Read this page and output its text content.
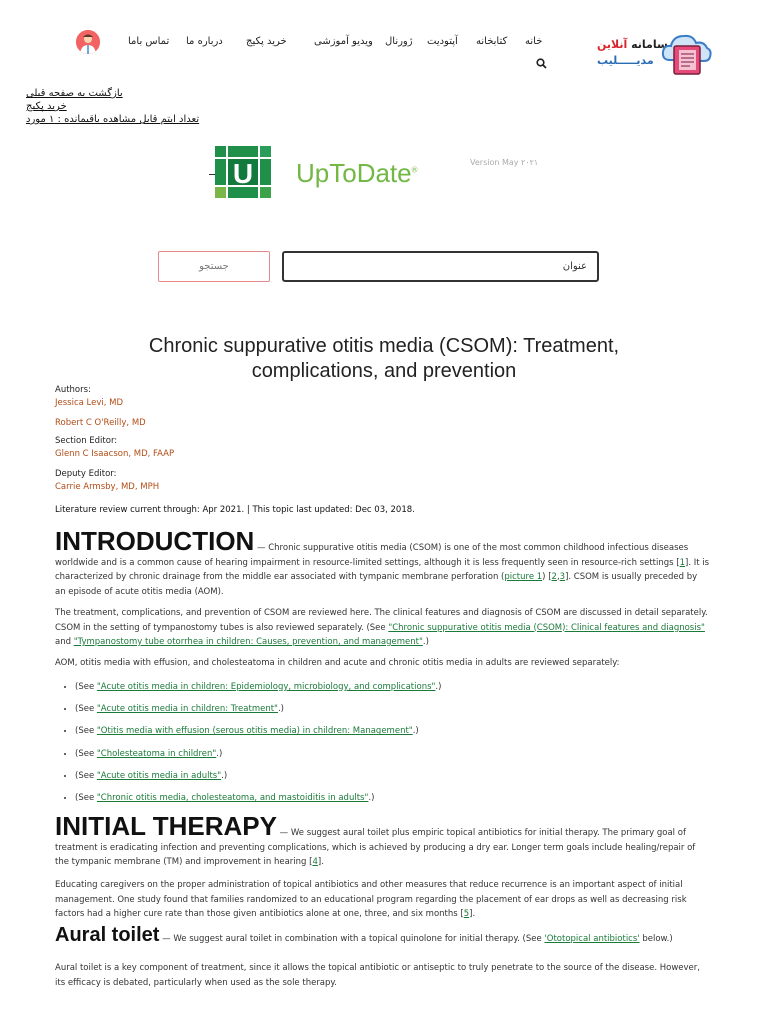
سامانه آنلاین
مدیـــــلیب
خانه
کتابخانه
آپتودیت
ژورنال
ویدیو آموزشی
خرید پکیج
درباره ما
تماس باما
بازگشت به صفحه قبلی
خرید پکیج
تعداد ایتم قابل مشاهده باقیمانده : ۱ مورد
U UpToDate®
Version May ۲۰۲۱
جستجو	عنوان
Chronic suppurative otitis media (CSOM): Treatment, complications, and prevention
Authors:
Jessica Levi, MD
Robert C O'Reilly, MD
Section Editor:
Glenn C Isaacson, MD, FAAP
Deputy Editor:
Carrie Armsby, MD, MPH
Literature review current through: Apr 2021. | This topic last updated: Dec 03, 2018.
INTRODUCTION — Chronic suppurative otitis media (CSOM) is one of the most common childhood infectious diseases worldwide and is a common cause of hearing impairment in resource-limited settings, although it is less frequently seen in resource-rich settings [1]. It is characterized by chronic drainage from the middle ear associated with tympanic membrane perforation (picture 1) [2,3]. CSOM is usually preceded by an episode of acute otitis media (AOM).
The treatment, complications, and prevention of CSOM are reviewed here. The clinical features and diagnosis of CSOM are discussed in detail separately. CSOM in the setting of tympanostomy tubes is also reviewed separately. (See "Chronic suppurative otitis media (CSOM): Clinical features and diagnosis" and "Tympanostomy tube otorrhea in children: Causes, prevention, and management".)
AOM, otitis media with effusion, and cholesteatoma in children and acute and chronic otitis media in adults are reviewed separately:
• (See "Acute otitis media in children: Epidemiology, microbiology, and complications".)
• (See "Acute otitis media in children: Treatment".)
• (See "Otitis media with effusion (serous otitis media) in children: Management".)
• (See "Cholesteatoma in children".)
• (See "Acute otitis media in adults".)
• (See "Chronic otitis media, cholesteatoma, and mastoiditis in adults".)
INITIAL THERAPY — We suggest aural toilet plus empiric topical antibiotics for initial therapy. The primary goal of treatment is eradicating infection and preventing complications, which is achieved by producing a dry ear. Longer term goals include healing/repair of the tympanic membrane (TM) and improvement in hearing [4].
Educating caregivers on the proper administration of topical antibiotics and other measures that reduce recurrence is an important aspect of initial management. One study found that families randomized to an educational program regarding the placement of ear drops as well as decreasing risk factors had a higher cure rate than those given antibiotics alone at one, three, and six months [5].
Aural toilet — We suggest aural toilet in combination with a topical quinolone for initial therapy. (See 'Ototopical antibiotics' below.)
Aural toilet is a key component of treatment, since it allows the topical antibiotic or antiseptic to truly penetrate to the source of the disease. However, its efficacy is debated, particularly when used as the sole therapy.
